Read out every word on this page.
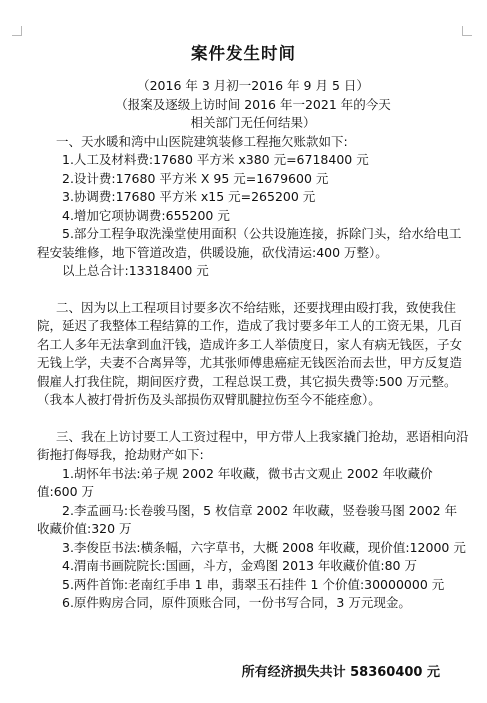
案件发生时间

（2016 年 3 月初一2016 年 9 月 5 日）

（报案及逐级上访时间 2016 年一2021 年的今天

相关部门无任何结果）

一、天水暖和湾中山医院建筑装修工程拖欠账款如下:

1.人工及材料费:17680 平方米 x380 元=6718400 元

2.设计费:17680 平方米 X 95 元=1679600 元

3.协调费:17680 平方米 x15 元=265200 元

4.增加它项协调费:655200 元

5.部分工程争取洗澡堂使用面积（公共设施连接，拆除门头，给水给电工程安装维修，地下管道改造，供暖设施，砍伐清运:400 万整）。

以上总合计:13318400 元

二、因为以上工程项目讨要多次不给结账，还要找理由殴打我，致使我住院，延迟了我整体工程结算的工作，造成了我讨要多年工人的工资无果，几百名工人多年无法拿到血汗钱，造成许多工人举债度日，家人有病无钱医，子女无钱上学，夫妻不合离异等，尤其张师傅患癌症无钱医治而去世，甲方反复造假雇人打我住院，期间医疗费，工程总误工费，其它损失费等:500 万元整。（我本人被打骨折伤及头部损伤双臂肌腱拉伤至今不能痊愈）。

三、我在上访讨要工人工资过程中，甲方带人上我家撬门抢劫，恶语相向沿街拖打侮辱我，抢劫财产如下:

1.胡怀年书法:弟子规 2002 年收藏，微书古文观止 2002 年收藏价值:600 万

2.李孟画马:长卷骏马图，5 枚信章 2002 年收藏，竖卷骏马图 2002 年收藏价值:320 万

3.李俊臣书法:横条幅，六字草书，大概 2008 年收藏，现价值:12000 元

4.渭南书画院院长:国画，斗方，金鸡图 2013 年收藏价值:80 万

5.两件首饰:老南红手串 1 串，翡翠玉石挂件 1 个价值:30000000 元

6.原件购房合同，原件顶账合同，一份书写合同，3 万元现金。

所有经济损失共计 58360400 元
